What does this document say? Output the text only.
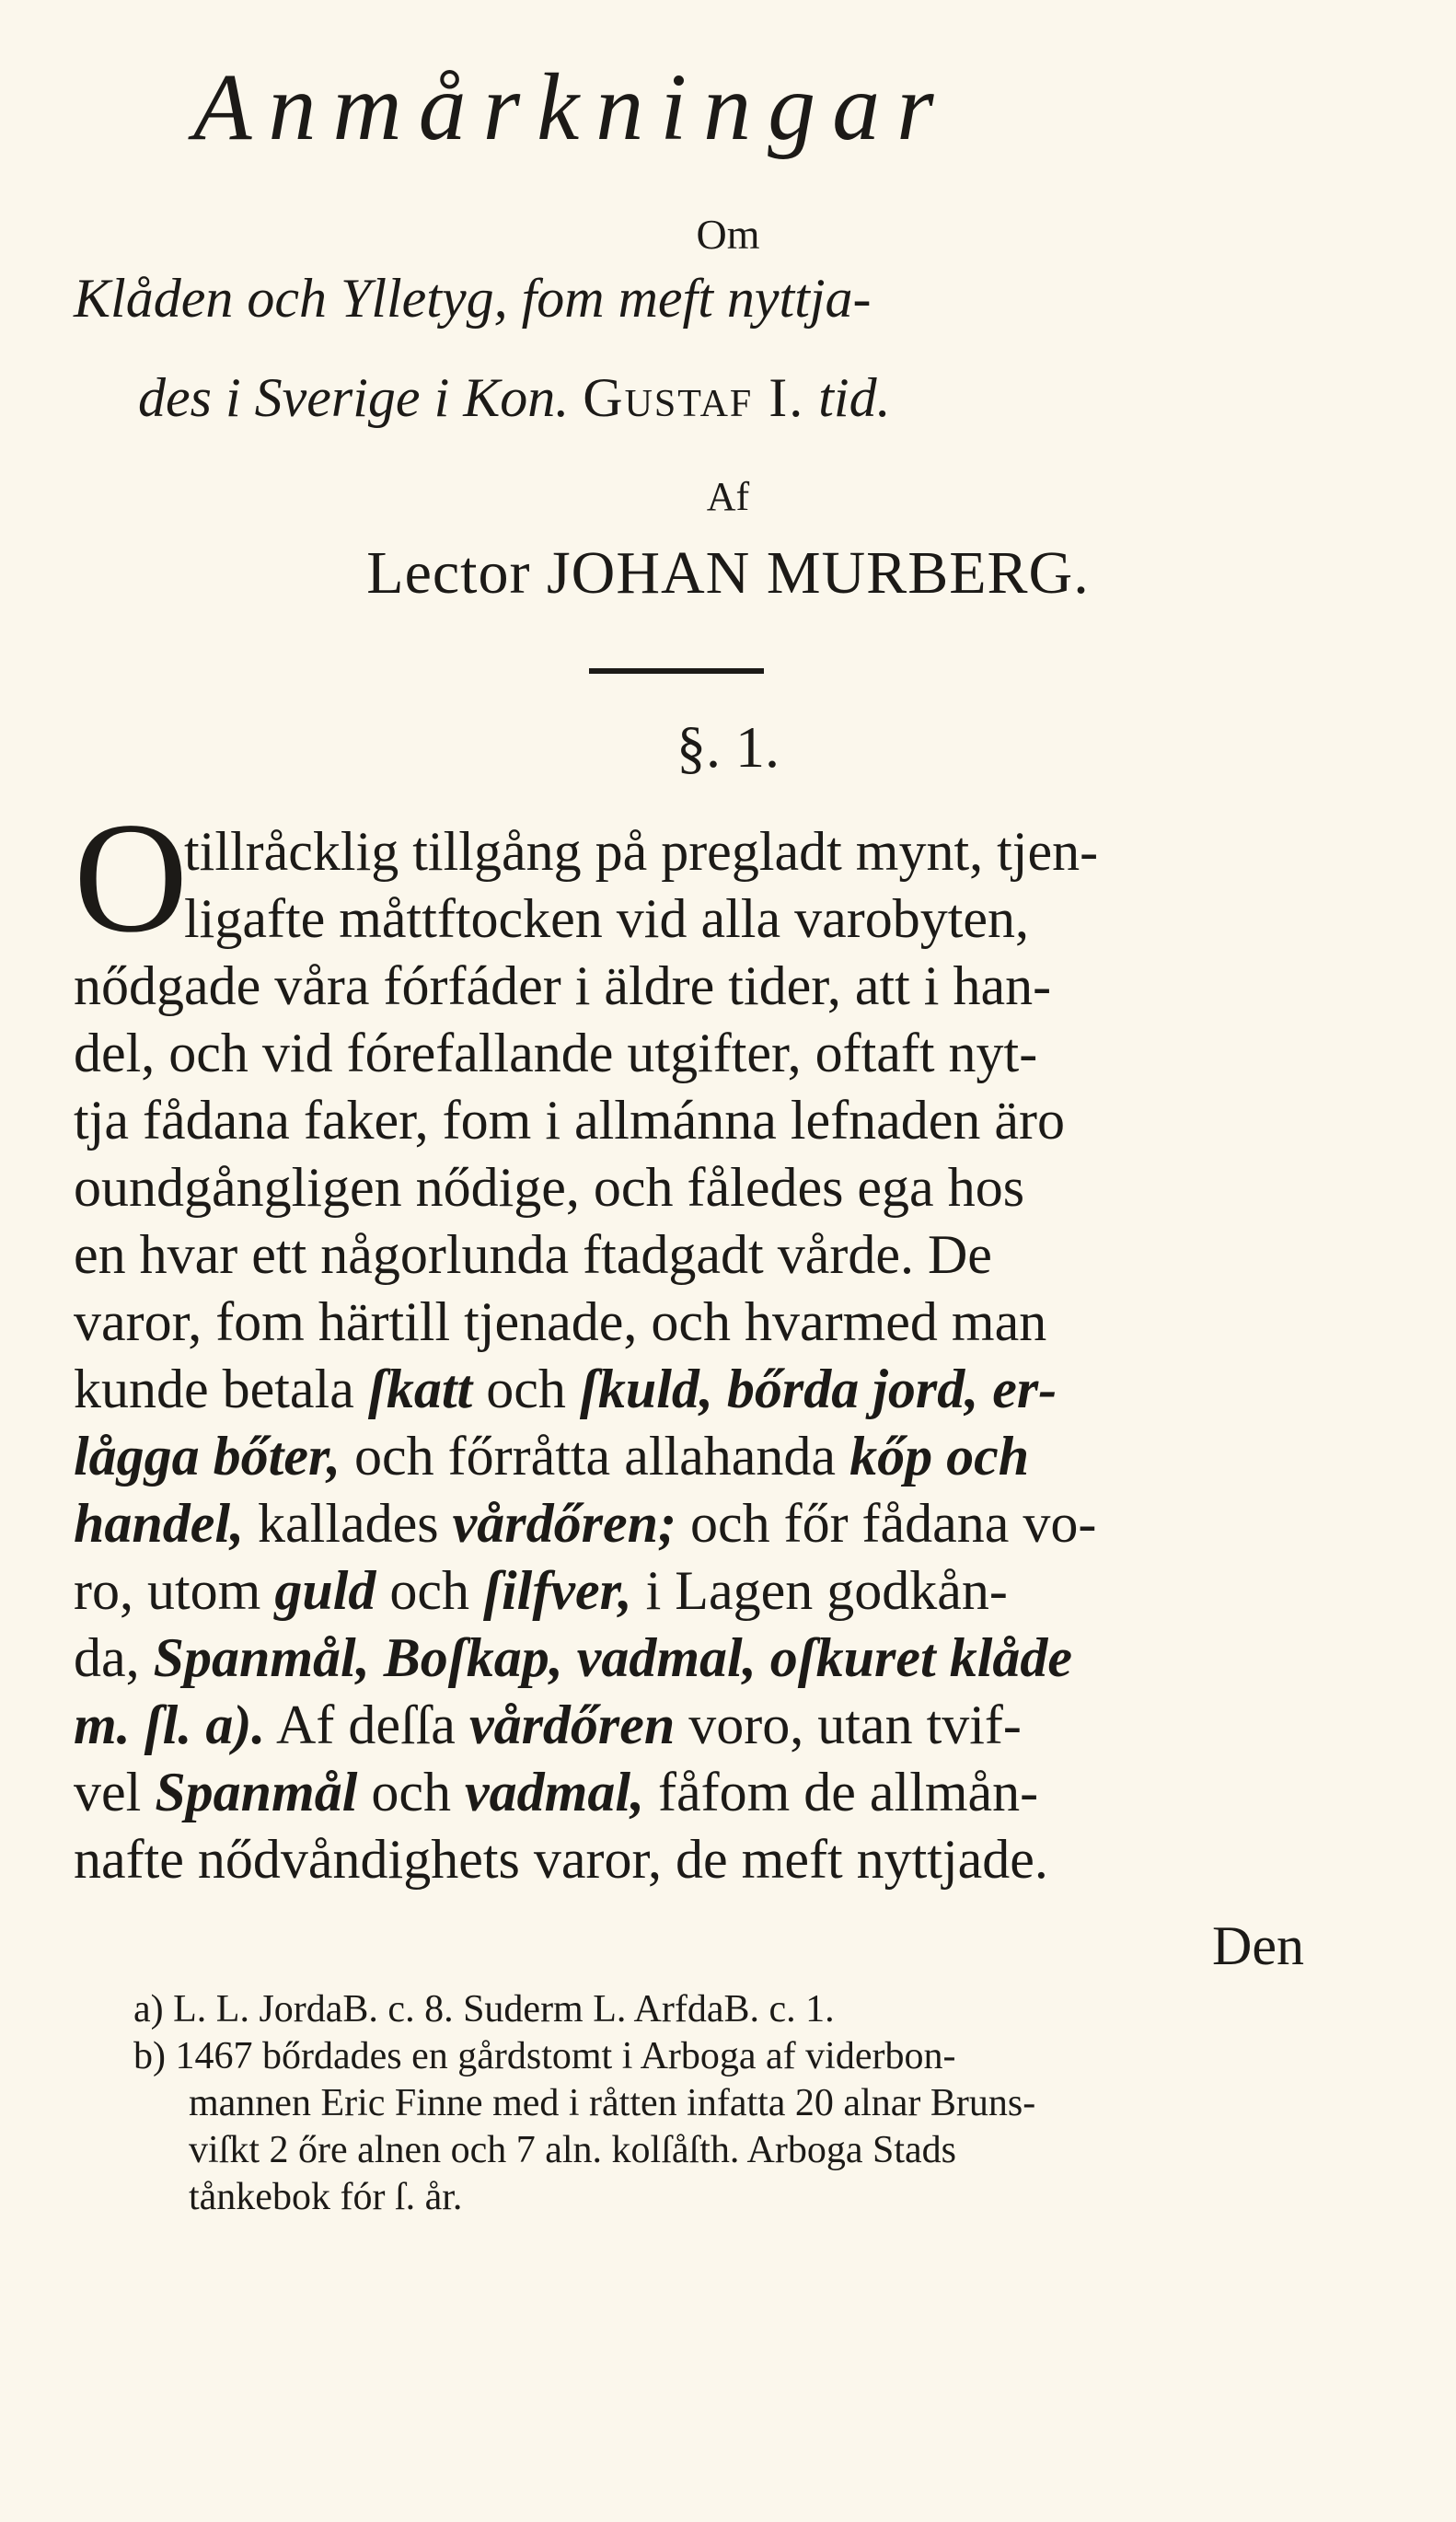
Anmårkningar
Om
Klåden och Ylletyg, fom meft nyttja-
des i Sverige i Kon. Gustaf I. tid.
Af
Lector JOHAN MURBERG.
§. 1.
O
tillråcklig tillgång på pregladt mynt, tjen-
ligafte måttftocken vid alla varobyten,
nődgade våra fórfáder i äldre tider, att i han-
del, och vid fórefallande utgifter, oftaft nyt-
tja fådana faker, fom i allmánna lefnaden äro
oundgångligen nődige, och fåledes ega hos
en hvar ett någorlunda ftadgadt vårde. De
varor, fom härtill tjenade, och hvarmed man
kunde betala ſkatt och ſkuld, bőrda jord, er-
lågga bőter, och főrråtta allahanda kőp och
handel, kallades vårdőren; och főr fådana vo-
ro, utom guld och ſilfver, i Lagen godkån-
da, Spanmål, Boſkap, vadmal, oſkuret klåde
m. ſl. a). Af deſſa vårdőren voro, utan tvif-
vel Spanmål och vadmal, fåfom de allmån-
nafte nődvåndighets varor, de meft nyttjade.
Den
a) L. L. JordaB. c. 8. Suderm L. ArfdaB. c. 1.
b) 1467 bőrdades en gårdstomt i Arboga af viderbon-
mannen Eric Finne med i råtten infatta 20 alnar Bruns-
viſkt 2 őre alnen och 7 aln. kolſåſth. Arboga Stads
tånkebok fór ſ. år.
